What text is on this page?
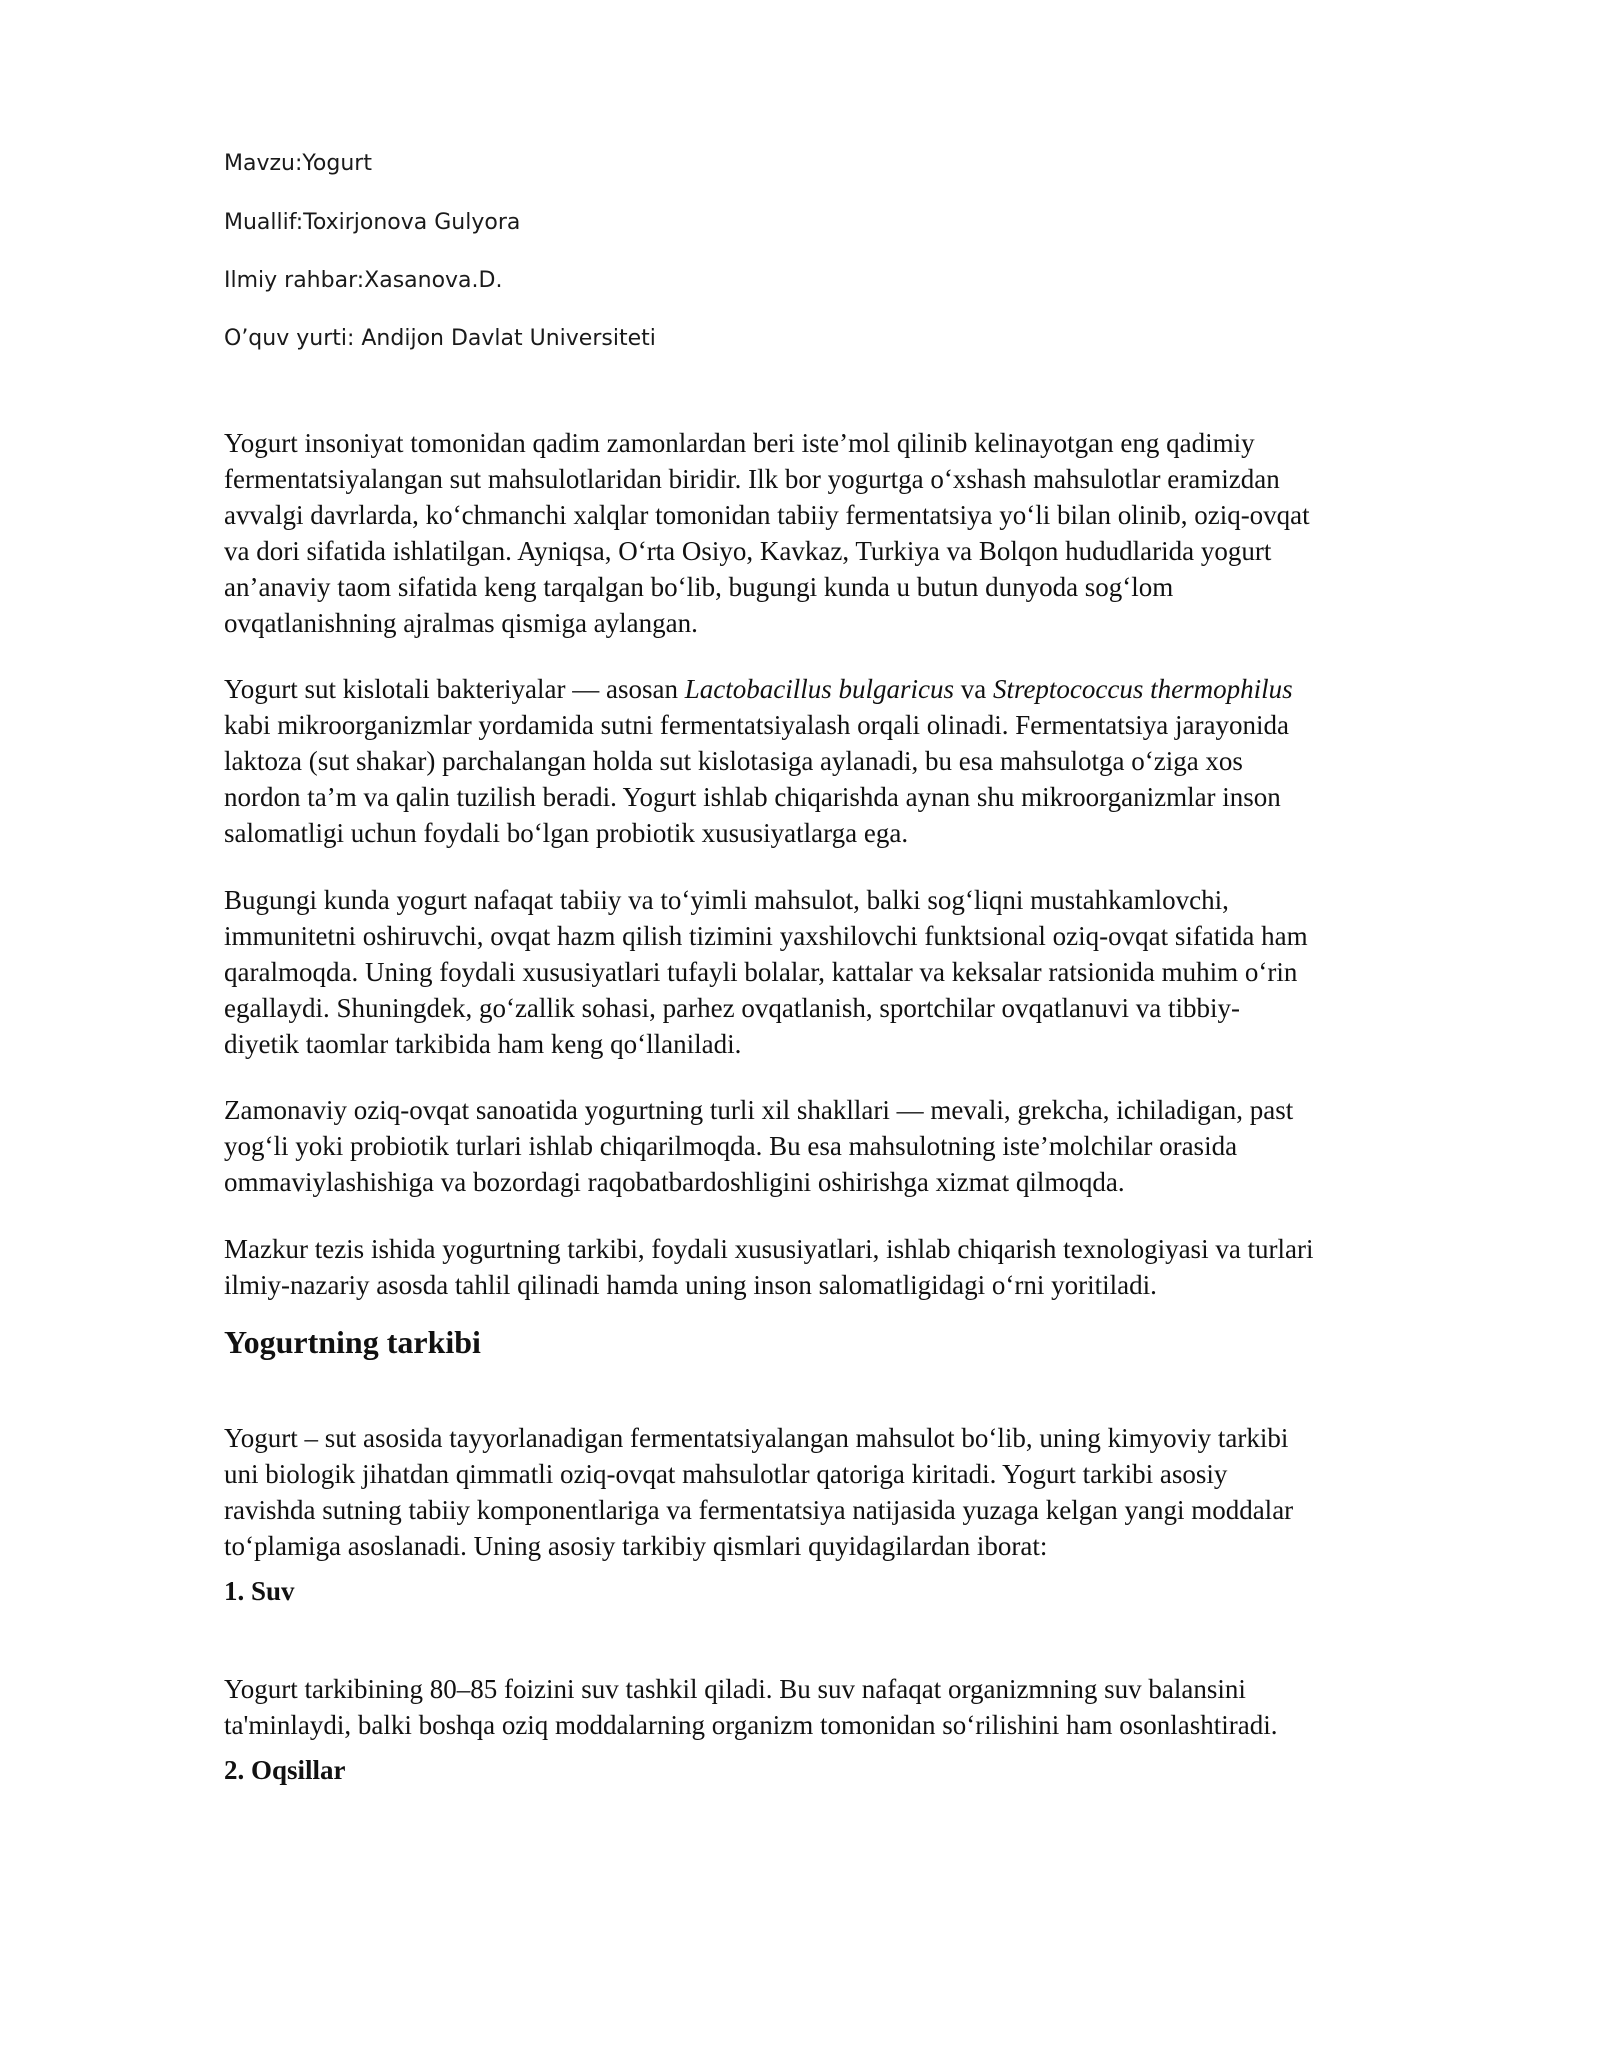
Mavzu:Yogurt
Muallif:Toxirjonova Gulyora
Ilmiy rahbar:Xasanova.D.
O’quv yurti: Andijon Davlat Universiteti

Yogurt insoniyat tomonidan qadim zamonlardan beri iste’mol qilinib kelinayotgan eng qadimiy
fermentatsiyalangan sut mahsulotlaridan biridir. Ilk bor yogurtga o‘xshash mahsulotlar eramizdan
avvalgi davrlarda, ko‘chmanchi xalqlar tomonidan tabiiy fermentatsiya yo‘li bilan olinib, oziq-ovqat
va dori sifatida ishlatilgan. Ayniqsa, O‘rta Osiyo, Kavkaz, Turkiya va Bolqon hududlarida yogurt
an’anaviy taom sifatida keng tarqalgan bo‘lib, bugungi kunda u butun dunyoda sog‘lom
ovqatlanishning ajralmas qismiga aylangan.

Yogurt sut kislotali bakteriyalar — asosan Lactobacillus bulgaricus va Streptococcus thermophilus
kabi mikroorganizmlar yordamida sutni fermentatsiyalash orqali olinadi. Fermentatsiya jarayonida
laktoza (sut shakar) parchalangan holda sut kislotasiga aylanadi, bu esa mahsulotga o‘ziga xos
nordon ta’m va qalin tuzilish beradi. Yogurt ishlab chiqarishda aynan shu mikroorganizmlar inson
salomatligi uchun foydali bo‘lgan probiotik xususiyatlarga ega.

Bugungi kunda yogurt nafaqat tabiiy va to‘yimli mahsulot, balki sog‘liqni mustahkamlovchi,
immunitetni oshiruvchi, ovqat hazm qilish tizimini yaxshilovchi funktsional oziq-ovqat sifatida ham
qaralmoqda. Uning foydali xususiyatlari tufayli bolalar, kattalar va keksalar ratsionida muhim o‘rin
egallaydi. Shuningdek, go‘zallik sohasi, parhez ovqatlanish, sportchilar ovqatlanuvi va tibbiy-
diyetik taomlar tarkibida ham keng qo‘llaniladi.

Zamonaviy oziq-ovqat sanoatida yogurtning turli xil shakllari — mevali, grekcha, ichiladigan, past
yog‘li yoki probiotik turlari ishlab chiqarilmoqda. Bu esa mahsulotning iste’molchilar orasida
ommaviylashishiga va bozordagi raqobatbardoshligini oshirishga xizmat qilmoqda.

Mazkur tezis ishida yogurtning tarkibi, foydali xususiyatlari, ishlab chiqarish texnologiyasi va turlari
ilmiy-nazariy asosda tahlil qilinadi hamda uning inson salomatligidagi o‘rni yoritiladi.

Yogurtning tarkibi

Yogurt – sut asosida tayyorlanadigan fermentatsiyalangan mahsulot bo‘lib, uning kimyoviy tarkibi
uni biologik jihatdan qimmatli oziq-ovqat mahsulotlar qatoriga kiritadi. Yogurt tarkibi asosiy
ravishda sutning tabiiy komponentlariga va fermentatsiya natijasida yuzaga kelgan yangi moddalar
to‘plamiga asoslanadi. Uning asosiy tarkibiy qismlari quyidagilardan iborat:

1. Suv

Yogurt tarkibining 80–85 foizini suv tashkil qiladi. Bu suv nafaqat organizmning suv balansini
ta'minlaydi, balki boshqa oziq moddalarning organizm tomonidan so‘rilishini ham osonlashtiradi.

2. Oqsillar
